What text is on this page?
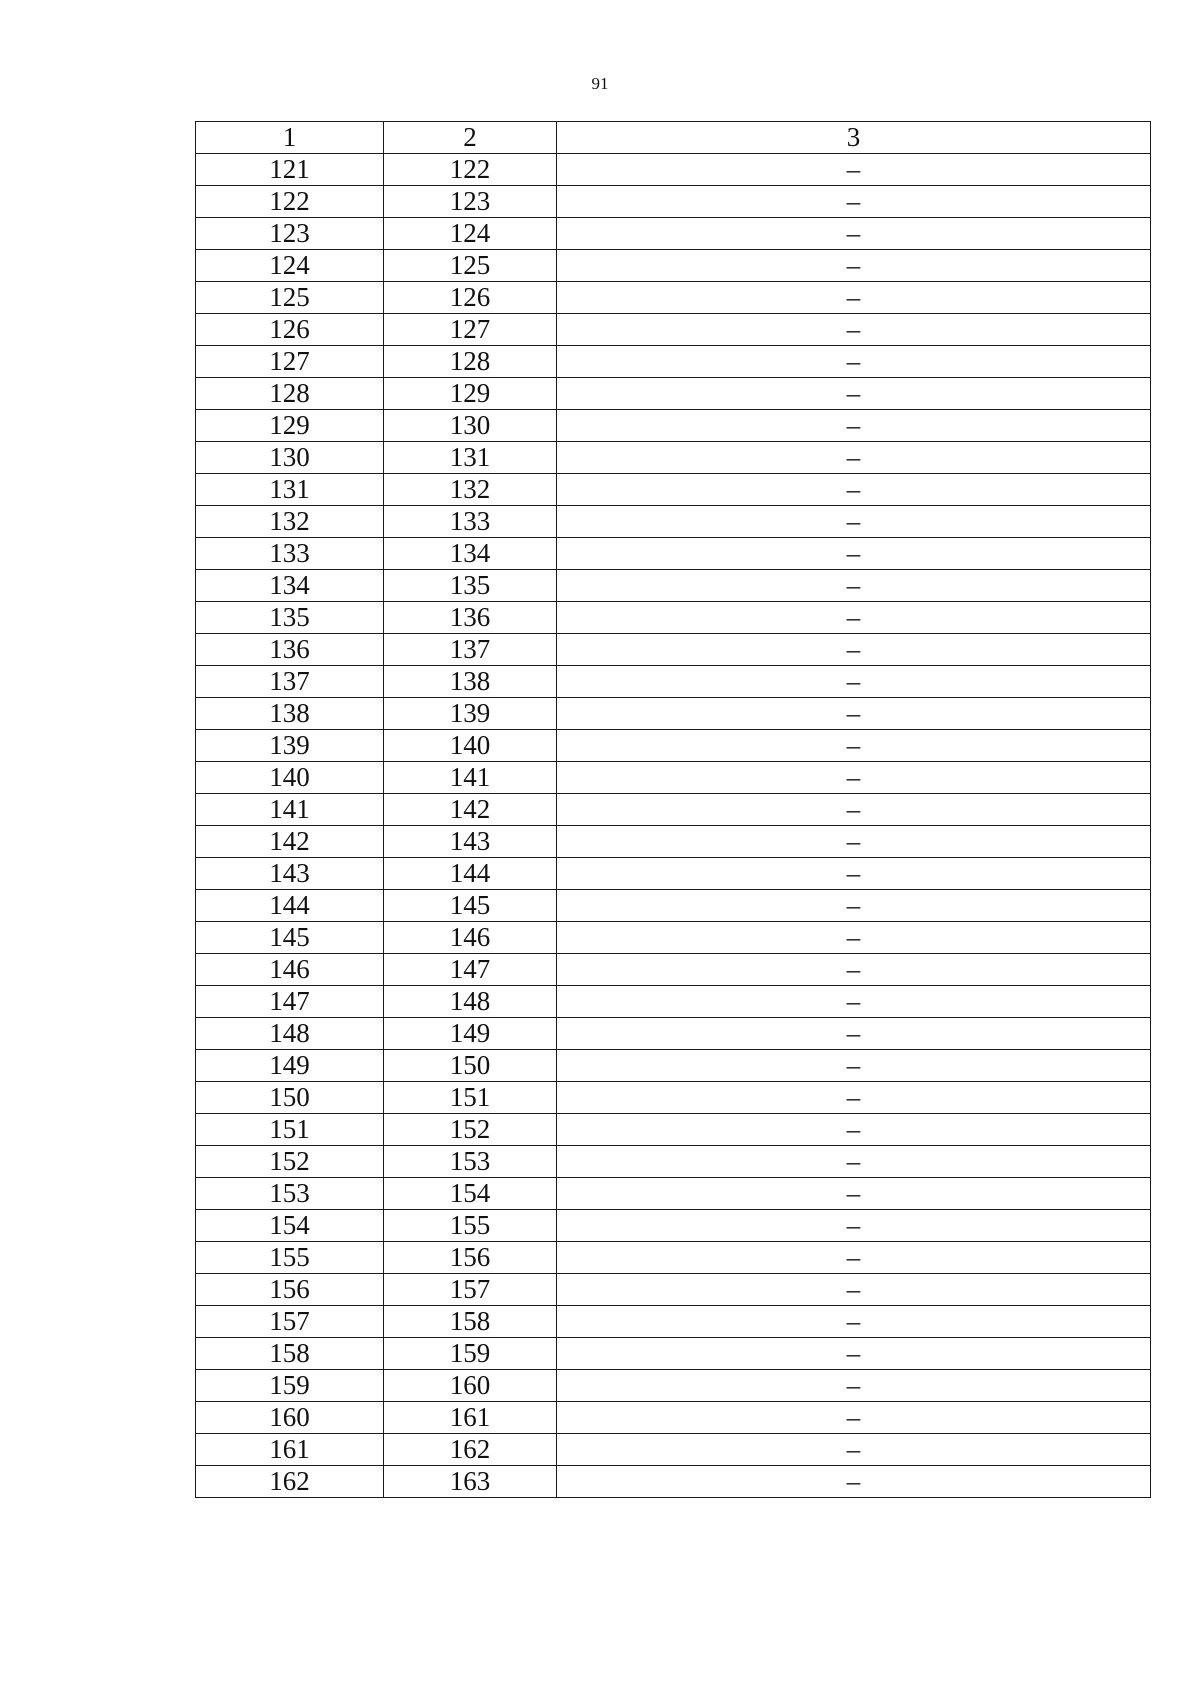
91
1	2	3
121	122	–
122	123	–
123	124	–
124	125	–
125	126	–
126	127	–
127	128	–
128	129	–
129	130	–
130	131	–
131	132	–
132	133	–
133	134	–
134	135	–
135	136	–
136	137	–
137	138	–
138	139	–
139	140	–
140	141	–
141	142	–
142	143	–
143	144	–
144	145	–
145	146	–
146	147	–
147	148	–
148	149	–
149	150	–
150	151	–
151	152	–
152	153	–
153	154	–
154	155	–
155	156	–
156	157	–
157	158	–
158	159	–
159	160	–
160	161	–
161	162	–
162	163	–
